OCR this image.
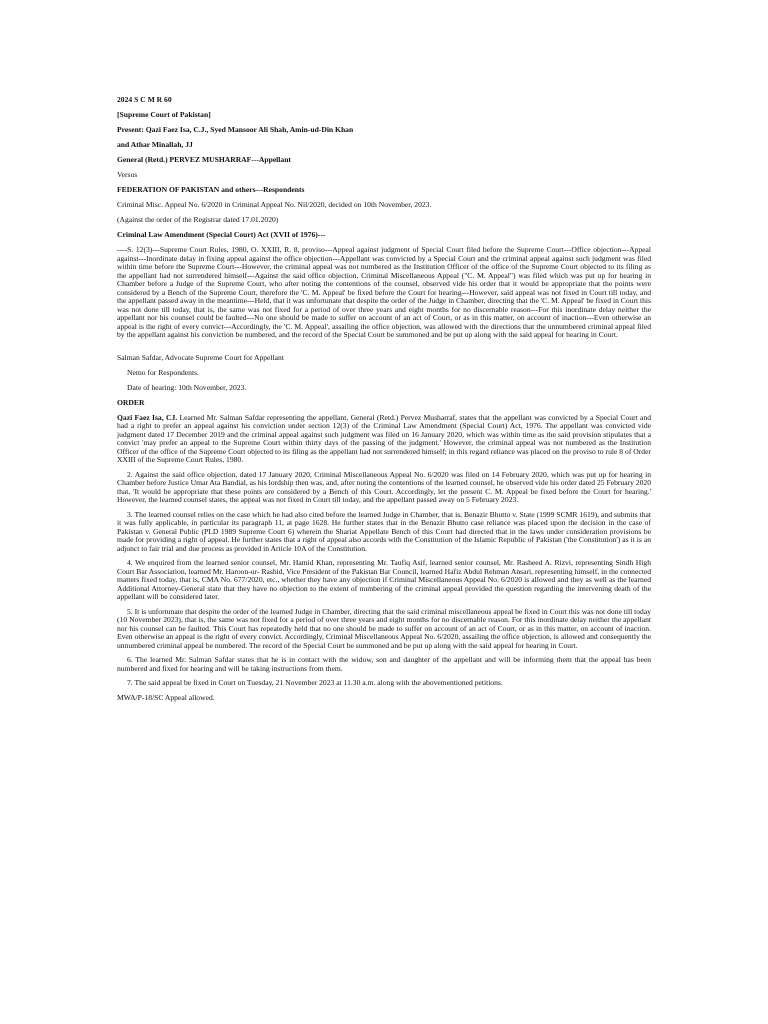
2024 S C M R 60
[Supreme Court of Pakistan]
Present: Qazi Faez Isa, C.J., Syed Mansoor Ali Shah, Amin-ud-Din Khan
and Athar Minallah, JJ
General (Retd.) PERVEZ MUSHARRAF---Appellant
Versus
FEDERATION OF PAKISTAN and others---Respondents
Criminal Misc. Appeal No. 6/2020 in Criminal Appeal No. Nil/2020, decided on 10th November, 2023.
(Against the order of the Registrar dated 17.01.2020)
Criminal Law Amendment (Special Court) Act (XVII of 1976)---

----S. 12(3)---Supreme Court Rules, 1980, O. XXIII, R. 8, proviso---Appeal against judgment of Special Court filed before the Supreme Court---Office objection---Appeal against---Inordinate delay in fixing appeal against the office objection---Appellant was convicted by a Special Court and the criminal appeal against such judgment was filed within time before the Supreme Court---However, the criminal appeal was not numbered as the Institution Officer of the office of the Supreme Court objected to its filing as the appellant had not surrendered himself---Against the said office objection, Criminal Miscellaneous Appeal ("C. M. Appeal") was filed which was put up for hearing in Chamber before a Judge of the Supreme Court, who after noting the contentions of the counsel, observed vide his order that it would be appropriate that the points were considered by a Bench of the Supreme Court, therefore the 'C. M. Appeal' be fixed before the Court for hearing---However, said appeal was not fixed in Court till today, and the appellant passed away in the meantime---Held, that it was unfortunate that despite the order of the Judge in Chamber, directing that the 'C. M. Appeal' be fixed in Court this was not done till today, that is, the same was not fixed for a period of over three years and eight months for no discernable reason---For this inordinate delay neither the appellant nor his counsel could be faulted---No one should be made to suffer on account of an act of Court, or as in this matter, on account of inaction---Even otherwise an appeal is the right of every convict---Accordingly, the 'C. M. Appeal', assailing the office objection, was allowed with the directions that the unnumbered criminal appeal filed by the appellant against his conviction be numbered, and the record of the Special Court be summoned and be put up along with the said appeal for hearing in Court.

Salman Safdar, Advocate Supreme Court for Appellant
Nemo for Respondents.
Date of hearing: 10th November, 2023.
ORDER

Qazi Faez Isa, CJ. Learned Mr. Salman Safdar representing the appellant, General (Retd.) Pervez Musharraf, states that the appellant was convicted by a Special Court and had a right to prefer an appeal against his conviction under section 12(3) of the Criminal Law Amendment (Special Court) Act, 1976. The appellant was convicted vide judgment dated 17 December 2019 and the criminal appeal against such judgment was filed on 16 January 2020, which was within time as the said provision stipulates that a convict 'may prefer an appeal to the Supreme Court within thirty days of the passing of the judgment.' However, the criminal appeal was not numbered as the Institution Officer of the office of the Supreme Court objected to its filing as the appellant had not surrendered himself; in this regard reliance was placed on the proviso to rule 8 of Order XXIII of the Supreme Court Rules, 1980.

2. Against the said office objection, dated 17 January 2020, Criminal Miscellaneous Appeal No. 6/2020 was filed on 14 February 2020, which was put up for hearing in Chamber before Justice Umar Ata Bandial, as his lordship then was, and, after noting the contentions of the learned counsel, he observed vide his order dated 25 February 2020 that, 'It would be appropriate that these points are considered by a Bench of this Court. Accordingly, let the present C. M. Appeal be fixed before the Court for hearing.' However, the learned counsel states, the appeal was not fixed in Court till today, and the appellant passed away on 5 February 2023.

3. The learned counsel relies on the case which he had also cited before the learned Judge in Chamber, that is, Benazir Bhutto v. State (1999 SCMR 1619), and submits that it was fully applicable, in particular its paragraph 11, at page 1628. He further states that in the Benazir Bhutto case reliance was placed upon the decision in the case of Pakistan v. General Public (PLD 1989 Supreme Court 6) wherein the Shariat Appellate Bench of this Court had directed that in the laws under consideration provisions be made for providing a right of appeal. He further states that a right of appeal also accords with the Constitution of the Islamic Republic of Pakistan ('the Constitution') as it is an adjunct to fair trial and due process as provided in Article 10A of the Constitution.

4. We enquired from the learned senior counsel, Mr. Hamid Khan, representing Mr. Taufiq Asif, learned senior counsel, Mr. Rasheed A. Rizvi, representing Sindh High Court Bar Association, learned Mr. Haroon-ur- Rashid, Vice President of the Pakistan Bar Council, learned Hafiz Abdul Rehman Ansari, representing himself, in the connected matters fixed today, that is, CMA No. 677/2020, etc., whether they have any objection if Criminal Miscellaneous Appeal No. 6/2020 is allowed and they as well as the learned Additional Attorney-General state that they have no objection to the extent of numbering of the criminal appeal provided the question regarding the intervening death of the appellant will be considered later.

5. It is unfortunate that despite the order of the learned Judge in Chamber, directing that the said criminal miscellaneous appeal be fixed in Court this was not done till today (10 November 2023), that is, the same was not fixed for a period of over three years and eight months for no discernable reason. For this inordinate delay neither the appellant nor his counsel can be faulted. This Court has repeatedly held that no one should be made to suffer on account of an act of Court, or as in this matter, on account of inaction. Even otherwise an appeal is the right of every convict. Accordingly, Criminal Miscellaneous Appeal No. 6/2020, assailing the office objection, is allowed and consequently the unnumbered criminal appeal be numbered. The record of the Special Court be summoned and be put up along with the said appeal for hearing in Court.

6. The learned Mr. Salman Safdar states that he is in contact with the widow, son and daughter of the appellant and will be informing them that the appeal has been numbered and fixed for hearing and will be taking instructions from them.

7. The said appeal be fixed in Court on Tuesday, 21 November 2023 at 11.30 a.m. along with the abovementioned petitions.

MWA/P-18/SC Appeal allowed.
